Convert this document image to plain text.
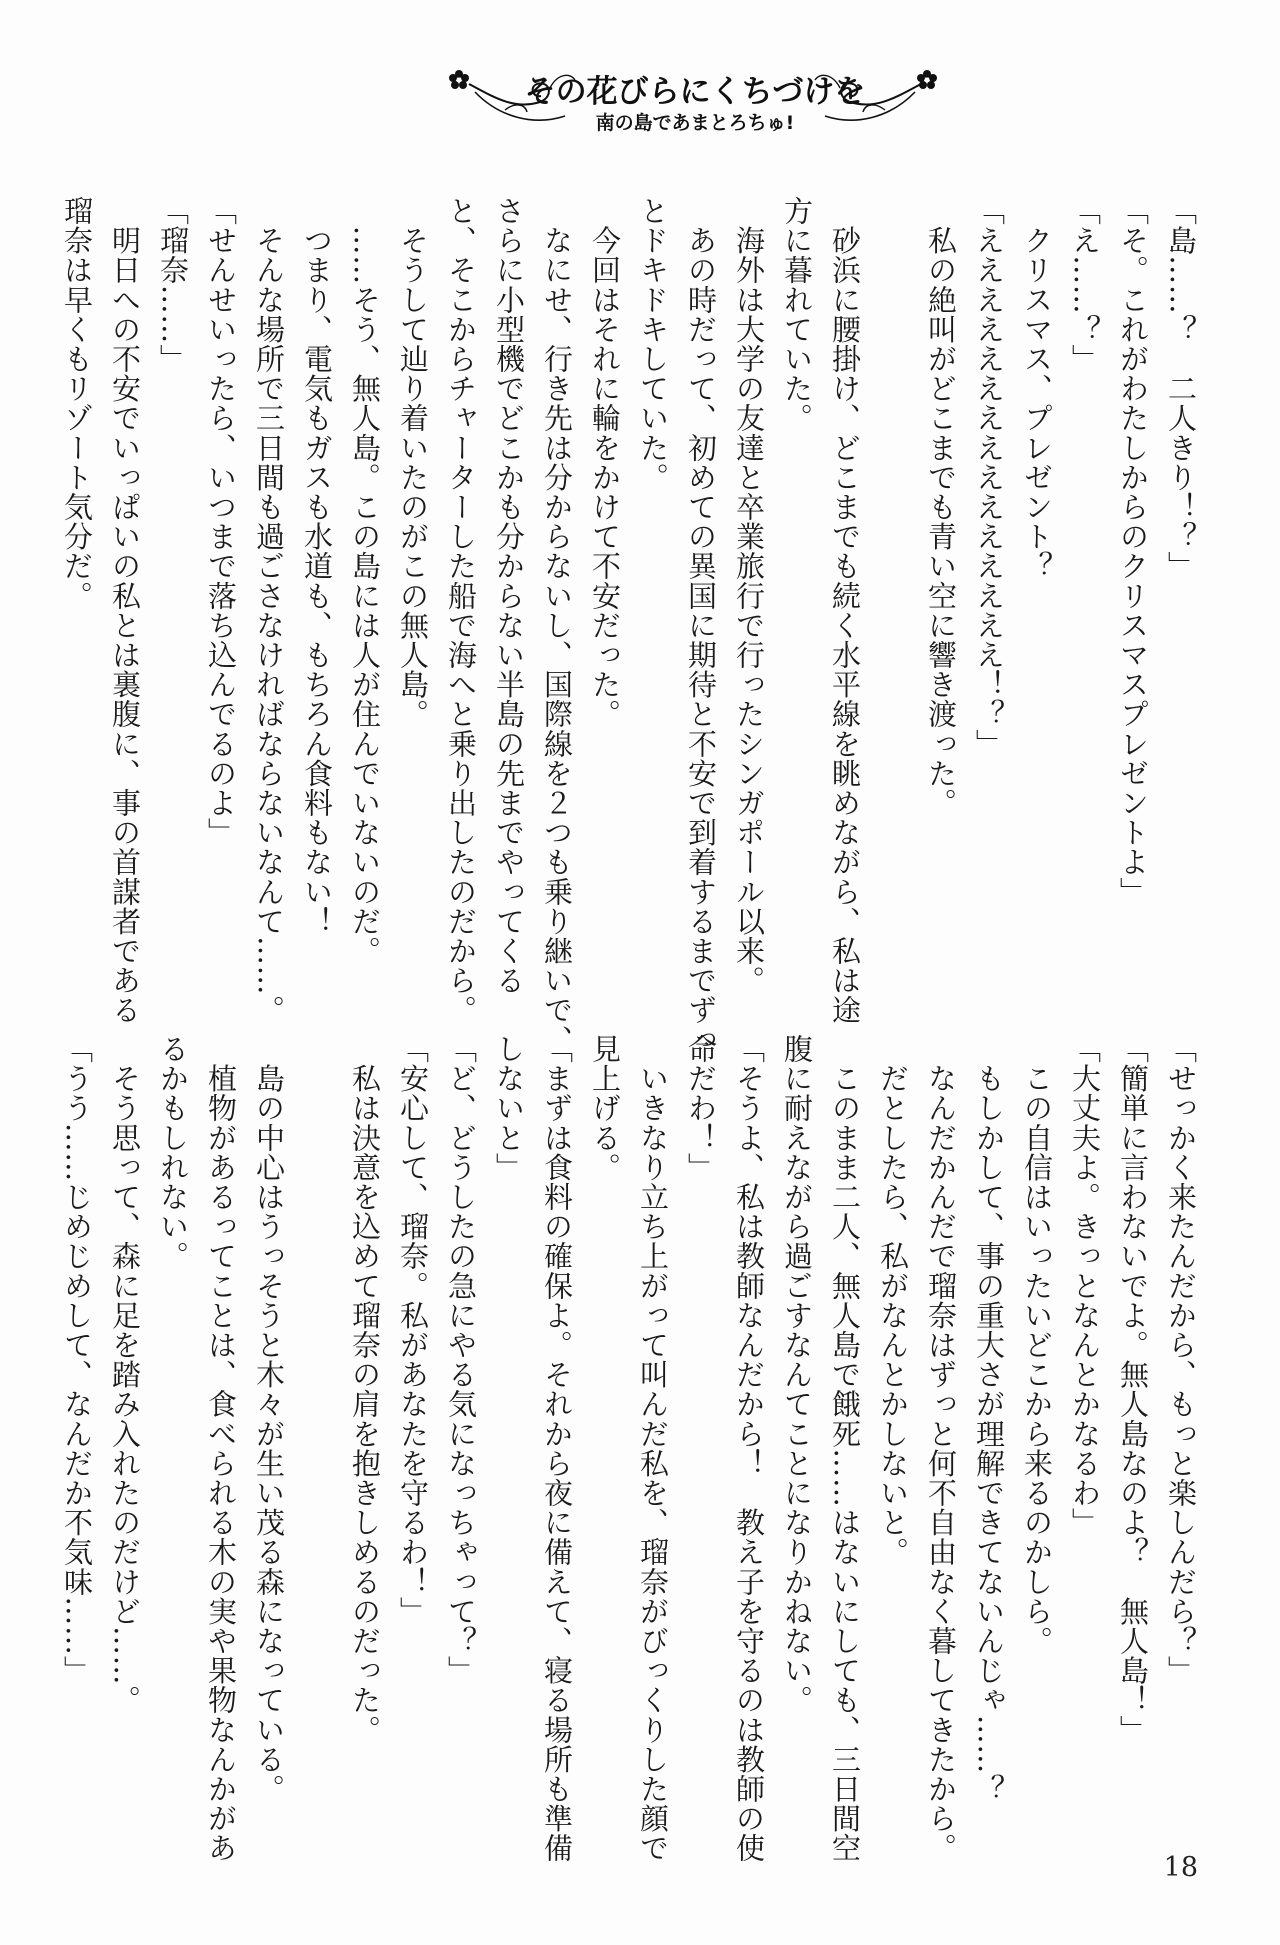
その花びらにくちづけを
南の島であまとろちゅ!

「島……？　二人きり！？」

「そ。これがわたしからのクリスマスプレゼントよ」

「え……？」

　クリスマス、プレゼント？

「えええええええええええええええ！？」

　私の絶叫がどこまでも青い空に響き渡った。

　砂浜に腰掛け、どこまでも続く水平線を眺めながら、私は途

方に暮れていた。

　海外は大学の友達と卒業旅行で行ったシンガポール以来。

　あの時だって、初めての異国に期待と不安で到着するまでずっ

とドキドキしていた。

　今回はそれに輪をかけて不安だった。

　なにせ、行き先は分からないし、国際線を２つも乗り継いで、

さらに小型機でどこかも分からない半島の先までやってくる

と、そこからチャーターした船で海へと乗り出したのだから。

　そうして辿り着いたのがこの無人島。

　……そう、無人島。この島には人が住んでいないのだ。

　つまり、電気もガスも水道も、もちろん食料もない！

　そんな場所で三日間も過ごさなければならないなんて……。

「せんせいったら、いつまで落ち込んでるのよ」

「瑠奈……」

　明日への不安でいっぱいの私とは裏腹に、事の首謀者である

瑠奈は早くもリゾート気分だ。

「せっかく来たんだから、もっと楽しんだら？」

「簡単に言わないでよ。無人島なのよ？　無人島！」

「大丈夫よ。きっとなんとかなるわ」

　この自信はいったいどこから来るのかしら。

　もしかして、事の重大さが理解できてないんじゃ……？

　なんだかんだで瑠奈はずっと何不自由なく暮してきたから。

　だとしたら、私がなんとかしないと。

　このまま二人、無人島で餓死……はないにしても、三日間空

腹に耐えながら過ごすなんてことになりかねない。

「そうよ、私は教師なんだから！　教え子を守るのは教師の使

命だわ！」

　いきなり立ち上がって叫んだ私を、瑠奈がびっくりした顔で

見上げる。

「まずは食料の確保よ。それから夜に備えて、寝る場所も準備

しないと」

「ど、どうしたの急にやる気になっちゃって？」

「安心して、瑠奈。私があなたを守るわ！」

　私は決意を込めて瑠奈の肩を抱きしめるのだった。

　島の中心はうっそうと木々が生い茂る森になっている。

　植物があるってことは、食べられる木の実や果物なんかがあ

るかもしれない。

　そう思って、森に足を踏み入れたのだけど……。

「うう……じめじめして、なんだか不気味……」

18
